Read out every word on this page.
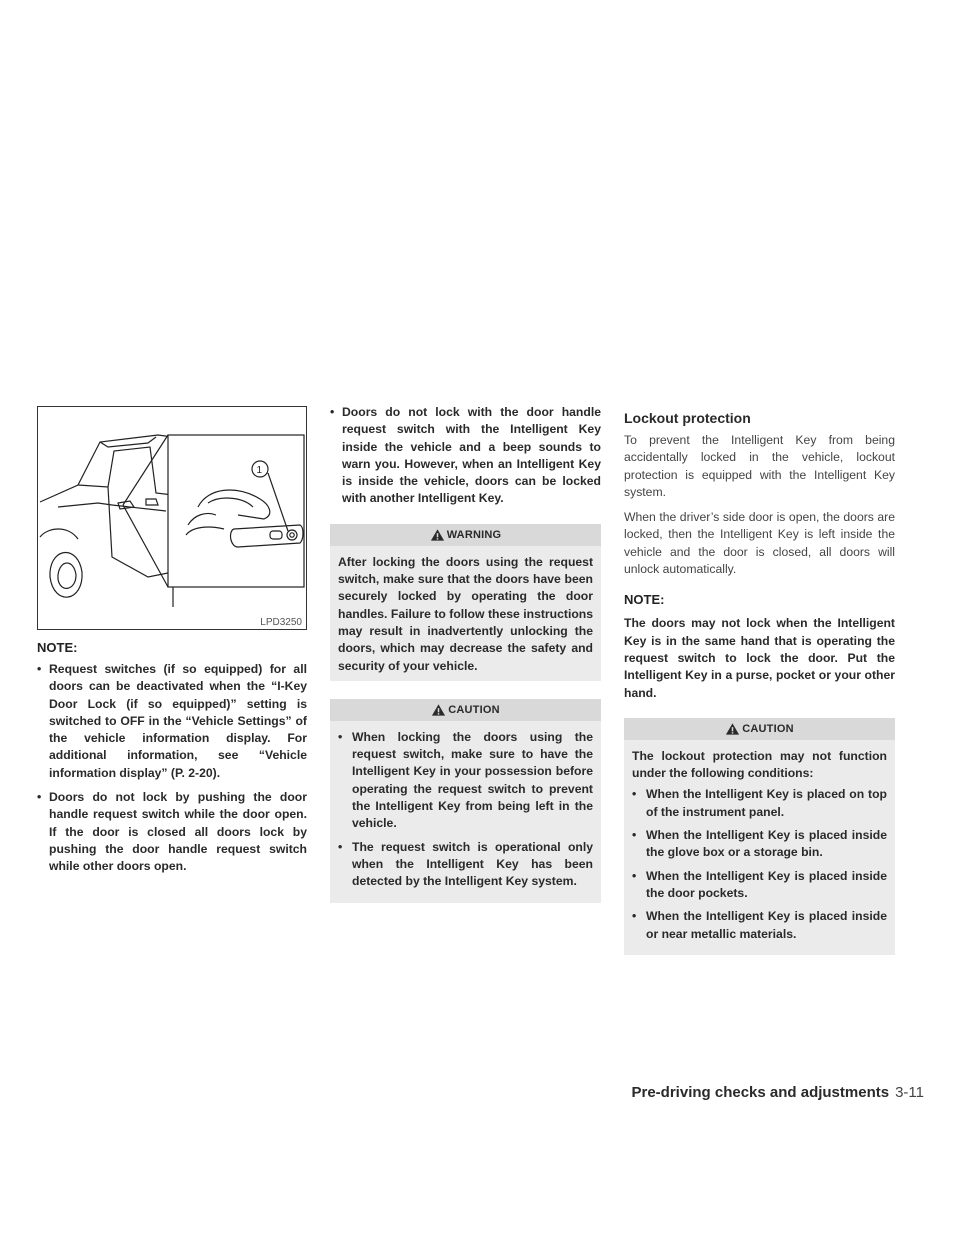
1
LPD3250

NOTE:

• Request switches (if so equipped) for all doors can be deactivated when the “I-Key Door Lock (if so equipped)” setting is switched to OFF in the “Vehicle Settings” of the vehicle information display. For additional information, see “Vehicle information display” (P. 2-20).
• Doors do not lock by pushing the door handle request switch while the door open. If the door is closed all doors lock by pushing the door handle request switch while other doors open.
• Doors do not lock with the door handle request switch with the Intelligent Key inside the vehicle and a beep sounds to warn you. However, when an Intelligent Key is inside the vehicle, doors can be locked with another Intelligent Key.
WARNING
After locking the doors using the request switch, make sure that the doors have been securely locked by operating the door handles. Failure to follow these instructions may result in inadvertently unlocking the doors, which may decrease the safety and security of your vehicle.
CAUTION
• When locking the doors using the request switch, make sure to have the Intelligent Key in your possession before operating the request switch to prevent the Intelligent Key from being left in the vehicle.
• The request switch is operational only when the Intelligent Key has been detected by the Intelligent Key system.
Lockout protection

To prevent the Intelligent Key from being accidentally locked in the vehicle, lockout protection is equipped with the Intelligent Key system.

When the driver’s side door is open, the doors are locked, then the Intelligent Key is left inside the vehicle and the door is closed, all doors will unlock automatically.

NOTE:

The doors may not lock when the Intelligent Key is in the same hand that is operating the request switch to lock the door. Put the Intelligent Key in a purse, pocket or your other hand.
CAUTION
The lockout protection may not function under the following conditions:
• When the Intelligent Key is placed on top of the instrument panel.
• When the Intelligent Key is placed inside the glove box or a storage bin.
• When the Intelligent Key is placed inside the door pockets.
• When the Intelligent Key is placed inside or near metallic materials.
Pre-driving checks and adjustments 3-11
